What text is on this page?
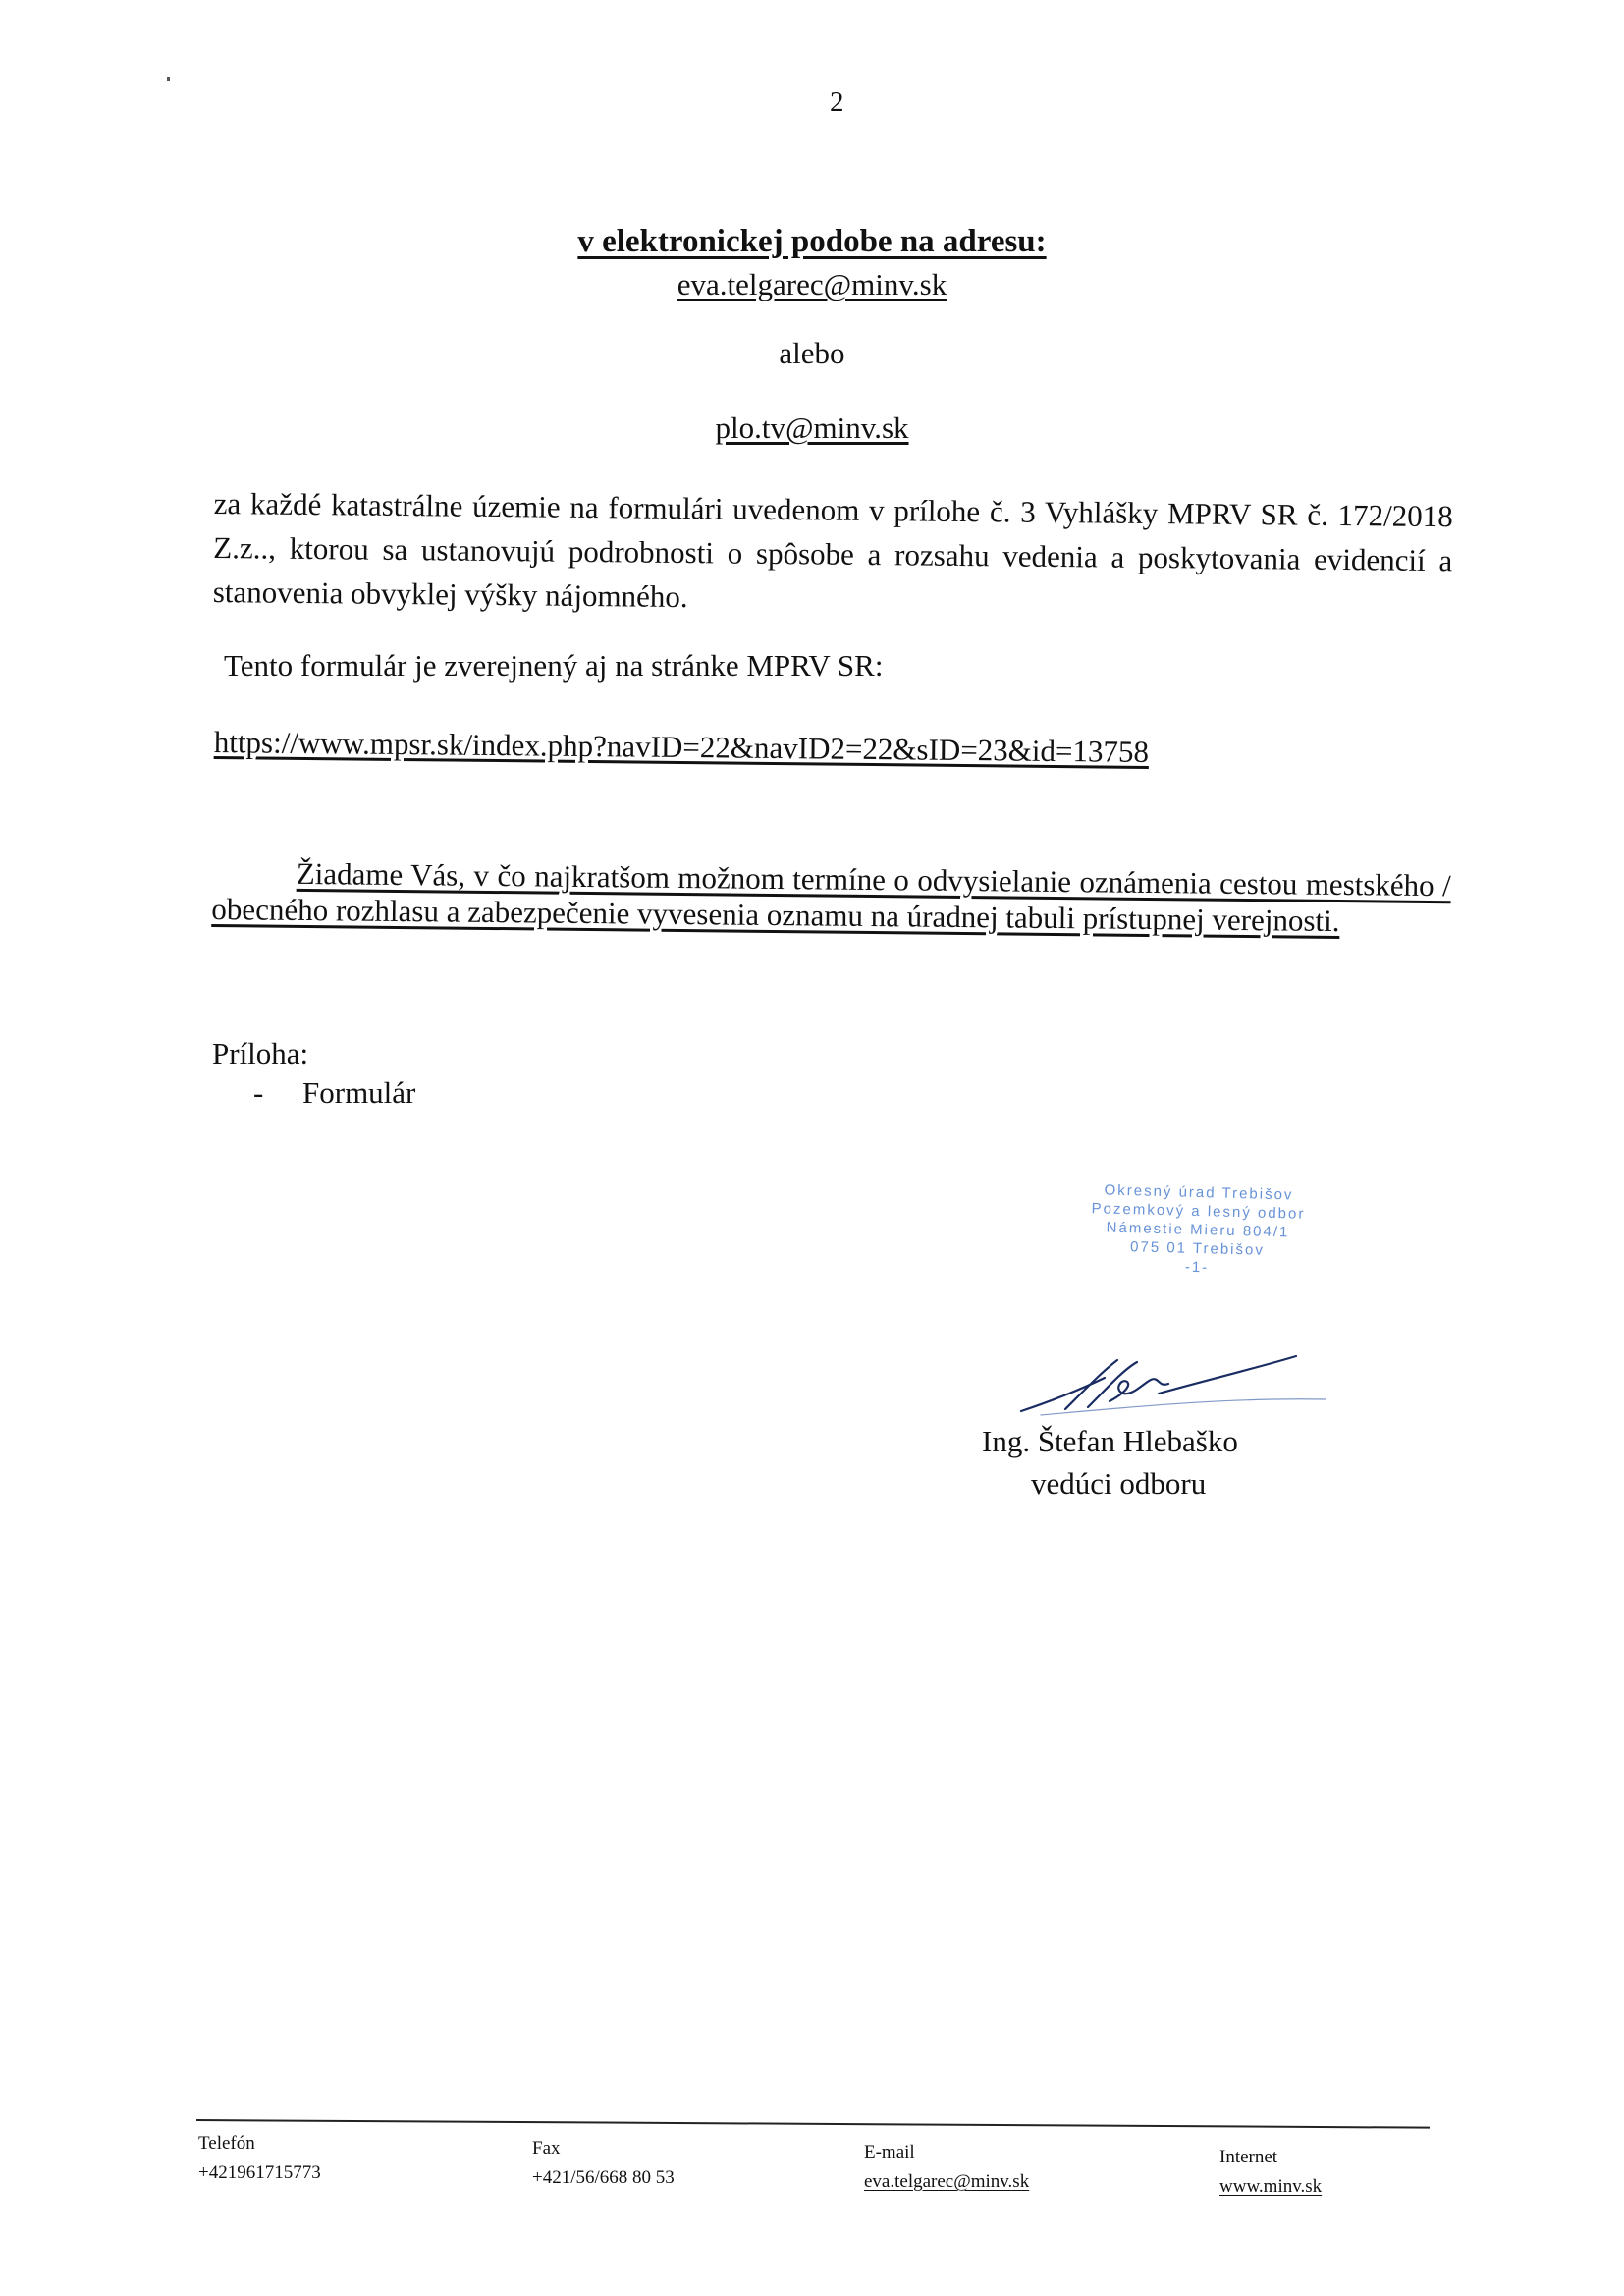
2
v elektronickej podobe na adresu:
eva.telgarec@minv.sk
alebo
plo.tv@minv.sk
za každé katastrálne územie na formulári uvedenom v prílohe č. 3 Vyhlášky MPRV SR č. 172/2018 Z.z.., ktorou sa ustanovujú podrobnosti o spôsobe a rozsahu vedenia a poskytovania evidencií a stanovenia obvyklej výšky nájomného.
Tento formulár je zverejnený aj na stránke MPRV SR:
https://www.mpsr.sk/index.php?navID=22&navID2=22&sID=23&id=13758
Žiadame Vás, v čo najkratšom možnom termíne o odvysielanie oznámenia cestou mestského / obecného rozhlasu a zabezpečenie vyvesenia oznamu na úradnej tabuli prístupnej verejnosti.
Príloha:
- Formulár
Okresný úrad Trebišov
Pozemkový a lesný odbor
Námestie Mieru 804/1
075 01 Trebišov
-1-
Ing. Štefan Hlebaško
vedúci odboru
Telefón
+421961715773
Fax
+421/56/668 80 53
E-mail
eva.telgarec@minv.sk
Internet
www.minv.sk
